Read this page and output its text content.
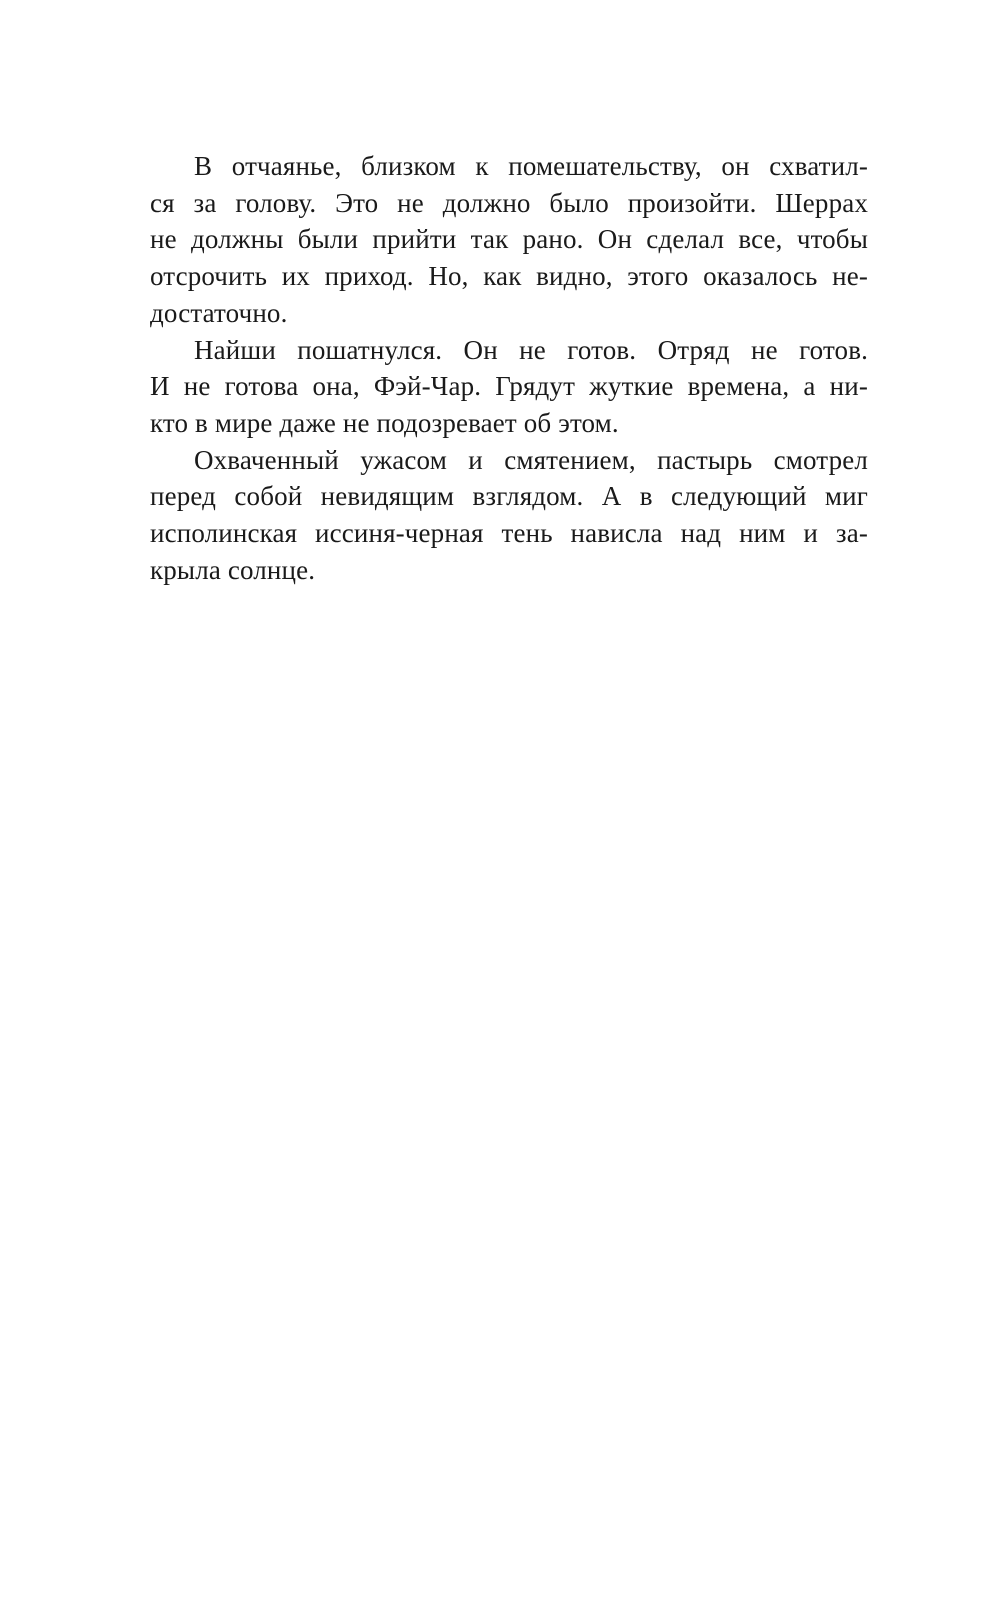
В отчаянье, близком к помешательству, он схватил-
ся за голову. Это не должно было произойти. Шеррах
не должны были прийти так рано. Он сделал все, чтобы
отсрочить их приход. Но, как видно, этого оказалось не-
достаточно.
Найши пошатнулся. Он не готов. Отряд не готов.
И не готова она, Фэй-Чар. Грядут жуткие времена, а ни-
кто в мире даже не подозревает об этом.
Охваченный ужасом и смятением, пастырь смотрел
перед собой невидящим взглядом. А в следующий миг
исполинская иссиня-черная тень нависла над ним и за-
крыла солнце.
